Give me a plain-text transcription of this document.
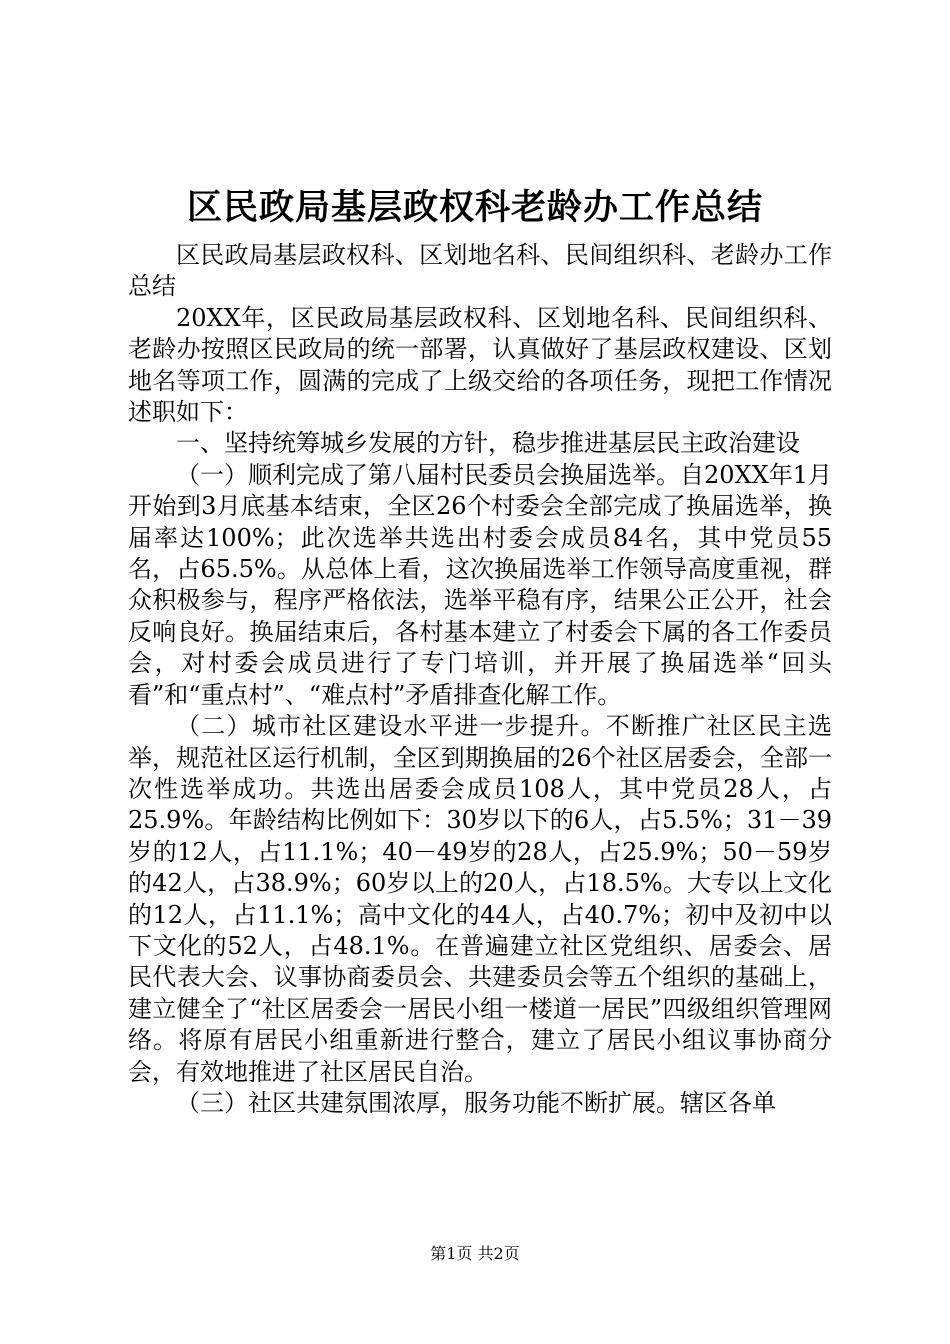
区民政局基层政权科老龄办工作总结

区民政局基层政权科、区划地名科、民间组织科、老龄办工作总结

20XX年，区民政局基层政权科、区划地名科、民间组织科、老龄办按照区民政局的统一部署，认真做好了基层政权建设、区划地名等项工作，圆满的完成了上级交给的各项任务，现把工作情况述职如下：

一、坚持统筹城乡发展的方针，稳步推进基层民主政治建设

（一）顺利完成了第八届村民委员会换届选举。自20XX年1月开始到3月底基本结束，全区26个村委会全部完成了换届选举，换届率达100%；此次选举共选出村委会成员84名，其中党员55名，占65.5%。从总体上看，这次换届选举工作领导高度重视，群众积极参与，程序严格依法，选举平稳有序，结果公正公开，社会反响良好。换届结束后，各村基本建立了村委会下属的各工作委员会，对村委会成员进行了专门培训，并开展了换届选举“回头看”和“重点村”、“难点村”矛盾排查化解工作。

（二）城市社区建设水平进一步提升。不断推广社区民主选举，规范社区运行机制，全区到期换届的26个社区居委会，全部一次性选举成功。共选出居委会成员108人，其中党员28人，占25.9%。年龄结构比例如下：30岁以下的6人，占5.5%；31－39岁的12人，占11.1%；40－49岁的28人，占25.9%；50－59岁的42人，占38.9%；60岁以上的20人，占18.5%。大专以上文化的12人，占11.1%；高中文化的44人，占40.7%；初中及初中以下文化的52人，占48.1%。在普遍建立社区党组织、居委会、居民代表大会、议事协商委员会、共建委员会等五个组织的基础上，建立健全了“社区居委会一居民小组一楼道一居民”四级组织管理网络。将原有居民小组重新进行整合，建立了居民小组议事协商分会，有效地推进了社区居民自治。

（三）社区共建氛围浓厚，服务功能不断扩展。辖区各单

第1页 共2页
